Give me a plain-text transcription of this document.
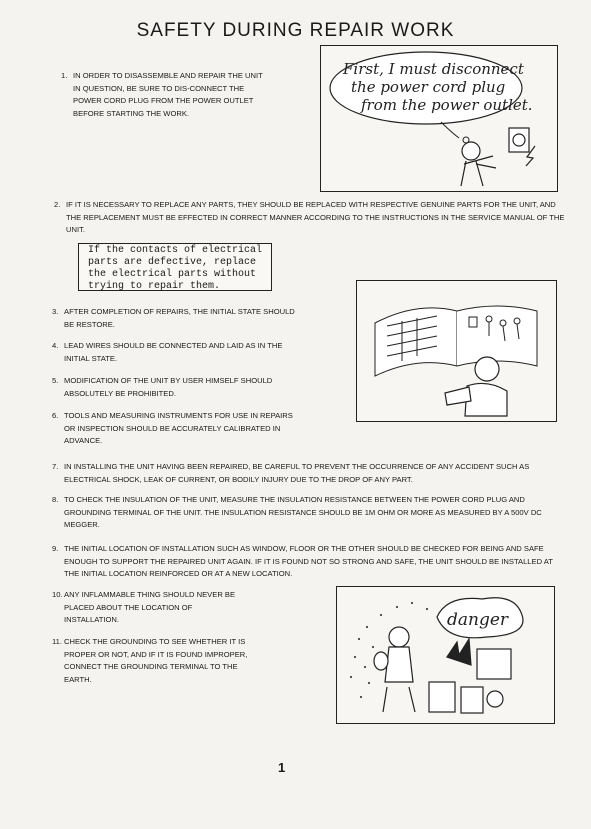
SAFETY DURING REPAIR WORK
1. IN ORDER TO DISASSEMBLE AND REPAIR THE UNIT IN QUESTION, BE SURE TO DIS-CONNECT THE POWER CORD PLUG FROM THE POWER OUTLET BEFORE STARTING THE WORK.

First, I must disconnect
the power cord plug
from the power outlet.
2. IF IT IS NECESSARY TO REPLACE ANY PARTS, THEY SHOULD BE REPLACED WITH RESPECTIVE GENUINE PARTS FOR THE UNIT, AND THE REPLACEMENT MUST BE EFFECTED IN CORRECT MANNER ACCORDING TO THE INSTRUCTIONS IN THE SERVICE MANUAL OF THE UNIT.

If the contacts of electrical

parts are defective, replace

the electrical parts without

trying to repair them.

3. AFTER COMPLETION OF REPAIRS, THE INITIAL STATE SHOULD BE RESTORE.

4. LEAD WIRES SHOULD BE CONNECTED AND LAID AS IN THE INITIAL STATE.

5. MODIFICATION OF THE UNIT BY USER HIMSELF SHOULD ABSOLUTELY BE PROHIBITED.

6. TOOLS AND MEASURING INSTRUMENTS FOR USE IN REPAIRS OR INSPECTION SHOULD BE ACCURATELY CALIBRATED IN ADVANCE.

7. IN INSTALLING THE UNIT HAVING BEEN REPAIRED, BE CAREFUL TO PREVENT THE OCCURRENCE OF ANY ACCIDENT SUCH AS ELECTRICAL SHOCK, LEAK OF CURRENT, OR BODILY INJURY DUE TO THE DROP OF ANY PART.

8. TO CHECK THE INSULATION OF THE UNIT, MEASURE THE INSULATION RESISTANCE BETWEEN THE POWER CORD PLUG AND GROUNDING TERMINAL OF THE UNIT. THE INSULATION RESISTANCE SHOULD BE 1M OHM OR MORE AS MEASURED BY A 500V DC MEGGER.

9. THE INITIAL LOCATION OF INSTALLATION SUCH AS WINDOW, FLOOR OR THE OTHER SHOULD BE CHECKED FOR BEING AND SAFE ENOUGH TO SUPPORT THE REPAIRED UNIT AGAIN. IF IT IS FOUND NOT SO STRONG AND SAFE, THE UNIT SHOULD BE INSTALLED AT THE INITIAL LOCATION REINFORCED OR AT A NEW LOCATION.

10. ANY INFLAMMABLE THING SHOULD NEVER BE PLACED ABOUT THE LOCATION OF INSTALLATION.

11. CHECK THE GROUNDING TO SEE WHETHER IT IS PROPER OR NOT, AND IF IT IS FOUND IMPROPER, CONNECT THE GROUNDING TERMINAL TO THE EARTH.

danger
1
